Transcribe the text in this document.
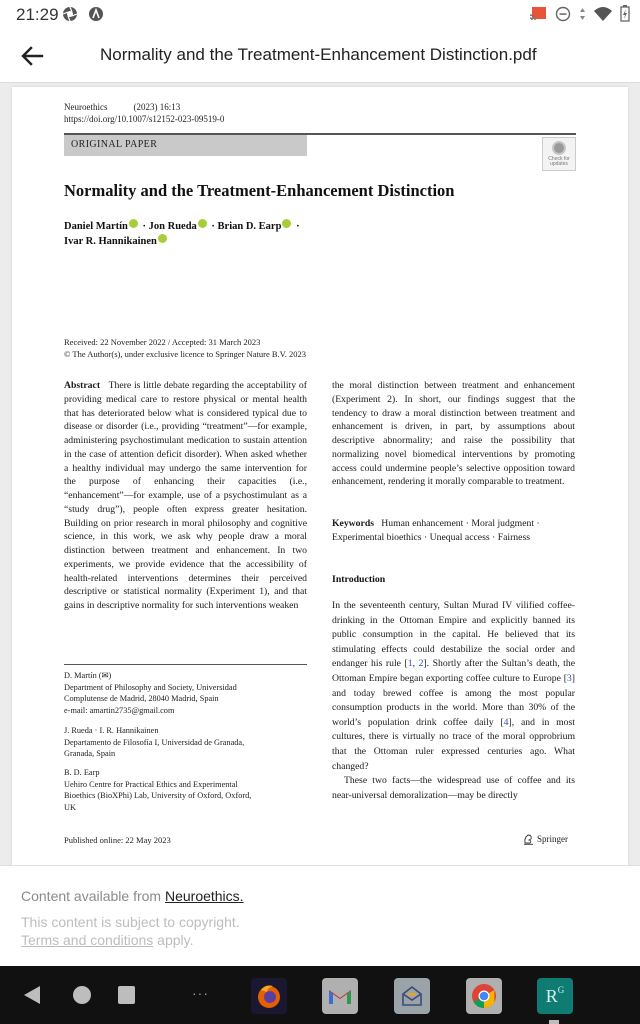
21:29
Normality and the Treatment-Enhancement Distinction.pdf
Neuroethics	(2023) 16:13
https://doi.org/10.1007/s12152-023-09519-0
ORIGINAL PAPER
Check for updates
Normality and the Treatment-Enhancement Distinction
Daniel Martín · Jon Rueda · Brian D. Earp ·
Ivar R. Hannikainen
Received: 22 November 2022 / Accepted: 31 March 2023
© The Author(s), under exclusive licence to Springer Nature B.V. 2023
Abstract There is little debate regarding the acceptability of providing medical care to restore physical or mental health that has deteriorated below what is considered typical due to disease or disorder (i.e., providing “treatment”—for example, administering psychostimulant medication to sustain attention in the case of attention deficit disorder). When asked whether a healthy individual may undergo the same intervention for the purpose of enhancing their capacities (i.e., “enhancement”—for example, use of a psychostimulant as a “study drug”), people often express greater hesitation. Building on prior research in moral philosophy and cognitive science, in this work, we ask why people draw a moral distinction between treatment and enhancement. In two experiments, we provide evidence that the accessibility of health-related interventions determines their perceived descriptive or statistical normality (Experiment 1), and that gains in descriptive normality for such interventions weaken
the moral distinction between treatment and enhancement (Experiment 2). In short, our findings suggest that the tendency to draw a moral distinction between treatment and enhancement is driven, in part, by assumptions about descriptive abnormality; and raise the possibility that normalizing novel biomedical interventions by promoting access could undermine people’s selective opposition toward enhancement, rendering it morally comparable to treatment.
Keywords Human enhancement · Moral judgment · Experimental bioethics · Unequal access · Fairness
Introduction

In the seventeenth century, Sultan Murad IV vilified coffee-drinking in the Ottoman Empire and explicitly banned its public consumption in the capital. He believed that its stimulating effects could destabilize the social order and endanger his rule [1, 2]. Shortly after the Sultan’s death, the Ottoman Empire began exporting coffee culture to Europe [3] and today brewed coffee is among the most popular consumption products in the world. More than 30% of the world’s population drink coffee daily [4], and in most cultures, there is virtually no trace of the moral opprobrium that the Ottoman ruler expressed centuries ago. What changed?

These two facts—the widespread use of coffee and its near-universal demoralization—may be directly

D. Martín (✉)
Department of Philosophy and Society, Universidad
Complutense de Madrid, 28040 Madrid, Spain
e-mail: amartin2735@gmail.com
J. Rueda · I. R. Hannikainen
Departamento de Filosofía I, Universidad de Granada,
Granada, Spain
B. D. Earp
Uehiro Centre for Practical Ethics and Experimental
Bioethics (BioXPhi) Lab, University of Oxford, Oxford,
UK
Published online: 22 May 2023	Springer
Content available from Neuroethics.
This content is subject to copyright.
Terms and conditions apply.
···	$R^G$
